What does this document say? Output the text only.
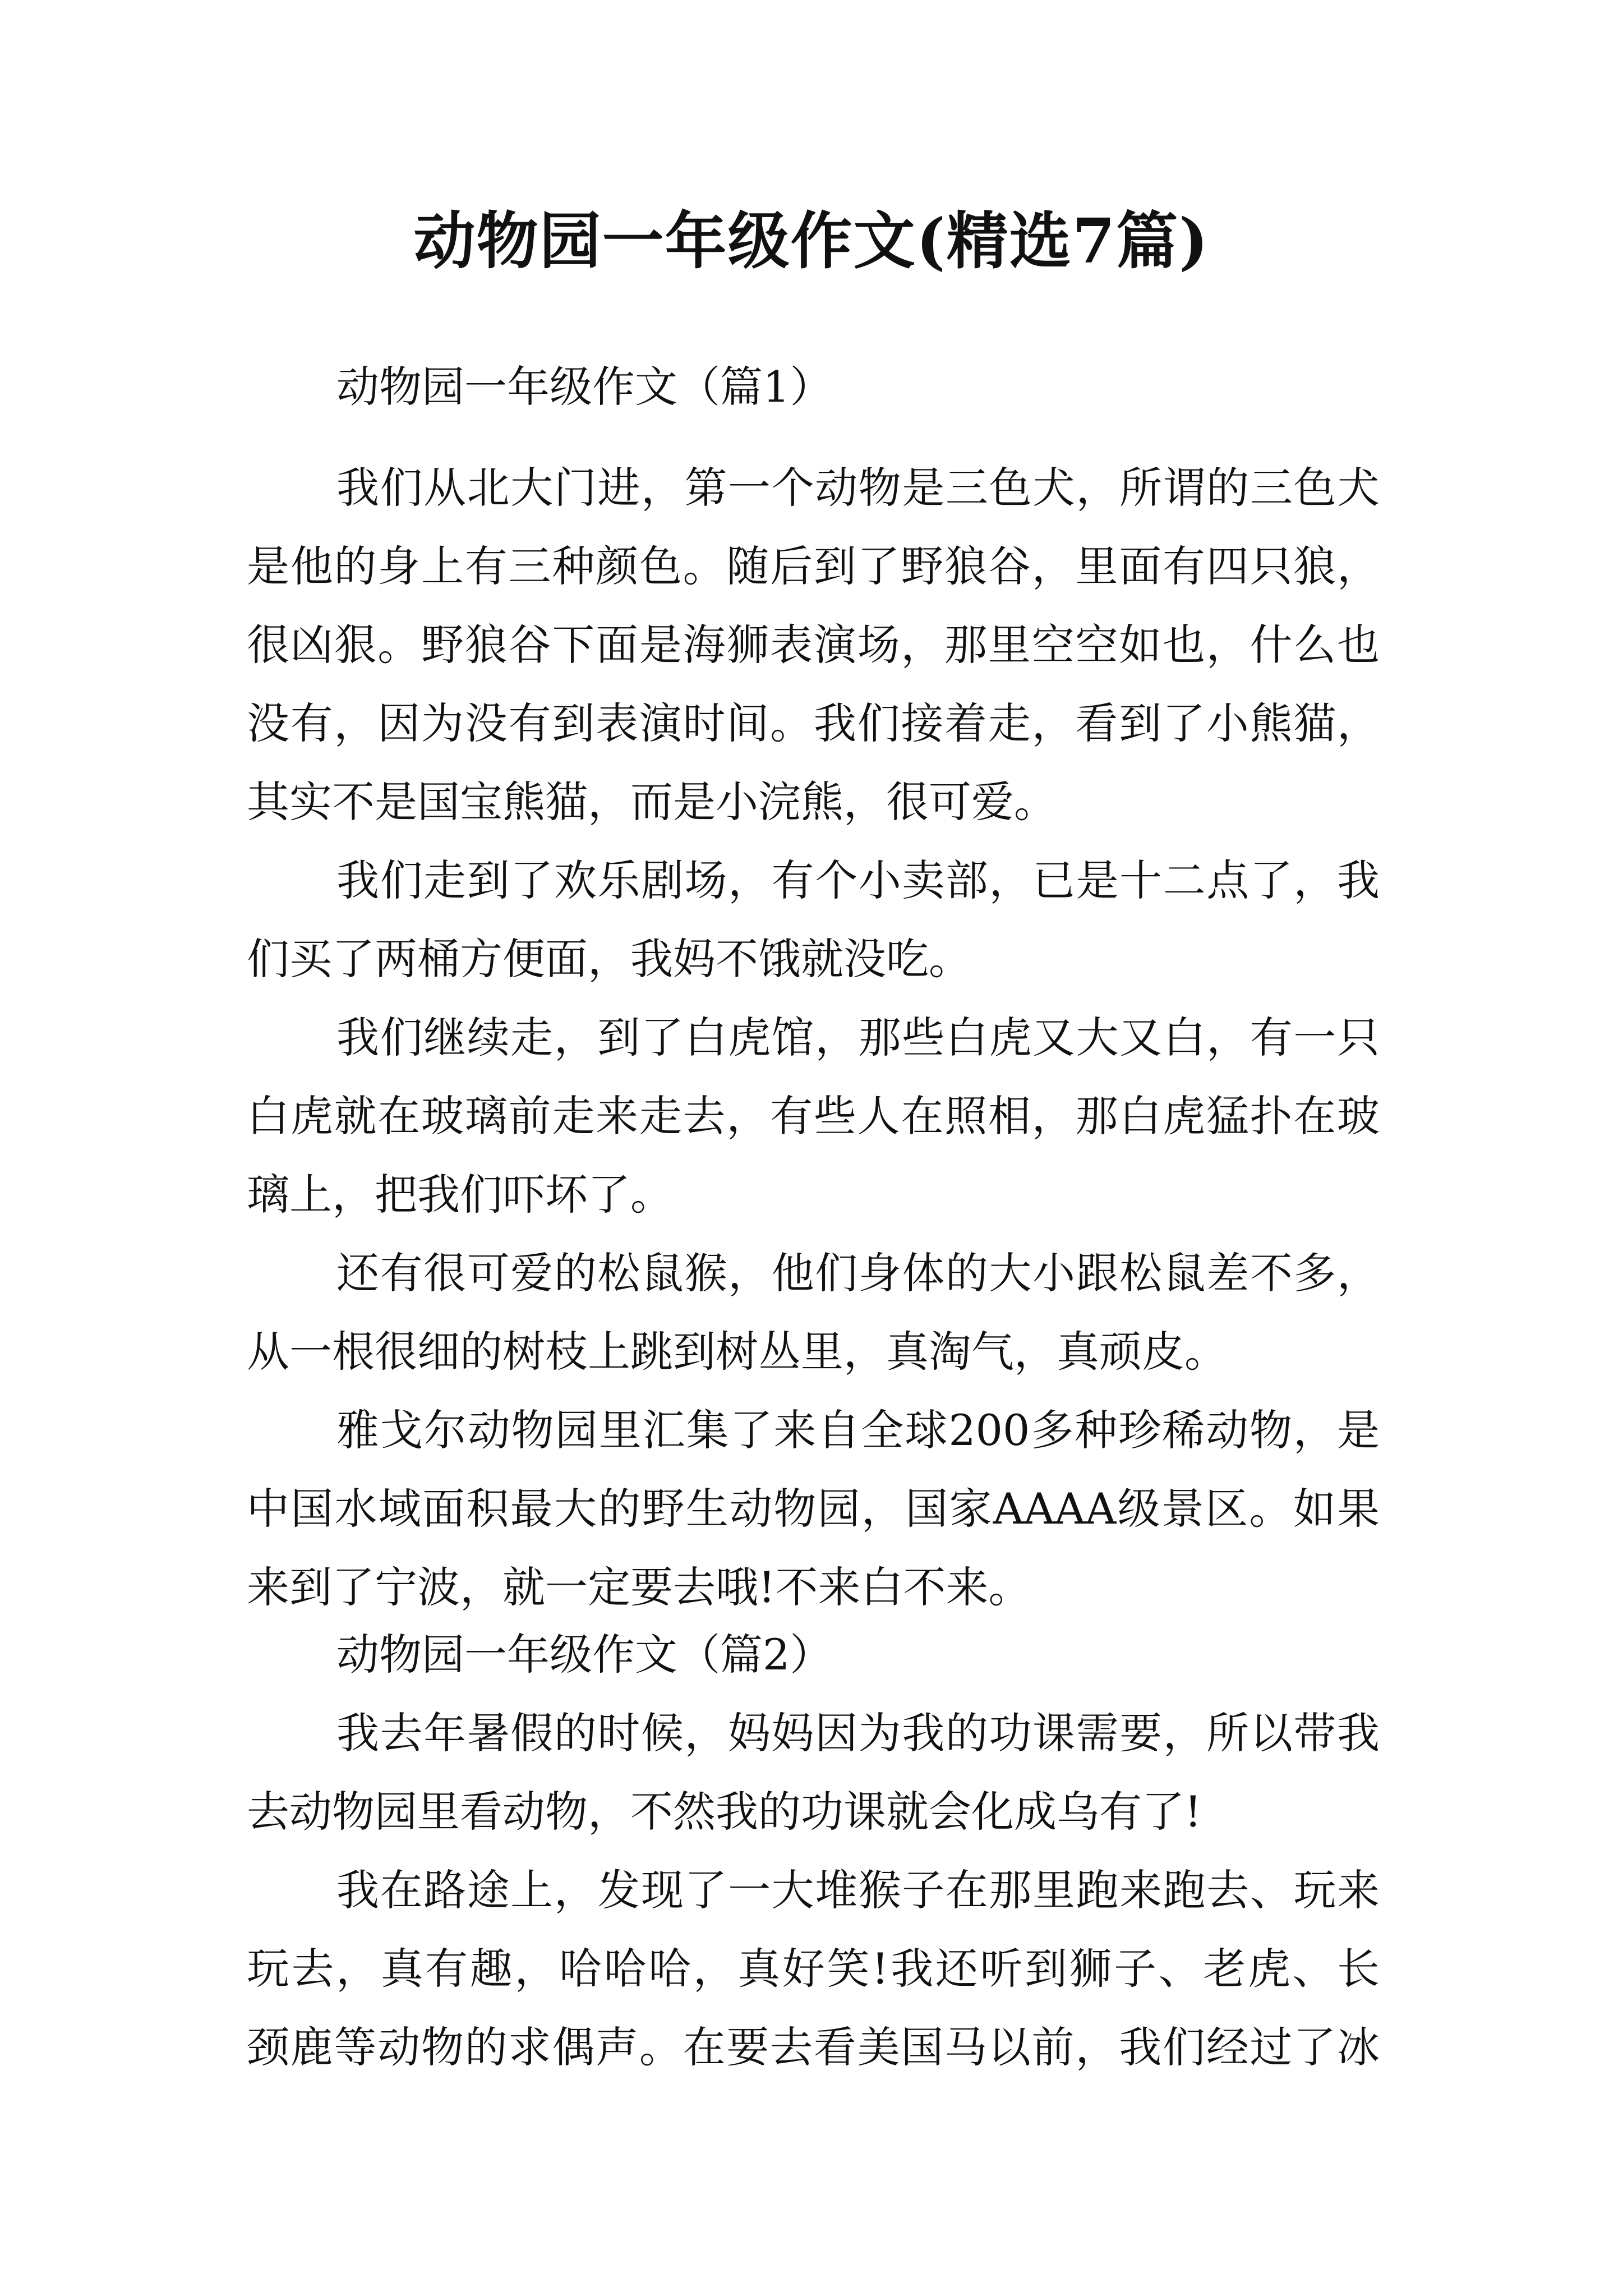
动物园一年级作文(精选7篇)
动物园一年级作文（篇1）
我们从北大门进，第一个动物是三色犬，所谓的三色犬
是他的身上有三种颜色。随后到了野狼谷，里面有四只狼，
很凶狠。野狼谷下面是海狮表演场，那里空空如也，什么也
没有，因为没有到表演时间。我们接着走，看到了小熊猫，
其实不是国宝熊猫，而是小浣熊，很可爱。
我们走到了欢乐剧场，有个小卖部，已是十二点了，我
们买了两桶方便面，我妈不饿就没吃。
我们继续走，到了白虎馆，那些白虎又大又白，有一只
白虎就在玻璃前走来走去，有些人在照相，那白虎猛扑在玻
璃上，把我们吓坏了。
还有很可爱的松鼠猴，他们身体的大小跟松鼠差不多，
从一根很细的树枝上跳到树丛里，真淘气，真顽皮。
雅戈尔动物园里汇集了来自全球200多种珍稀动物，是
中国水域面积最大的野生动物园，国家AAAA级景区。如果
来到了宁波，就一定要去哦!不来白不来。
动物园一年级作文（篇2）
我去年暑假的时候，妈妈因为我的功课需要，所以带我
去动物园里看动物，不然我的功课就会化成乌有了!
我在路途上，发现了一大堆猴子在那里跑来跑去、玩来
玩去，真有趣，哈哈哈，真好笑!我还听到狮子、老虎、长
颈鹿等动物的求偶声。在要去看美国马以前，我们经过了冰
